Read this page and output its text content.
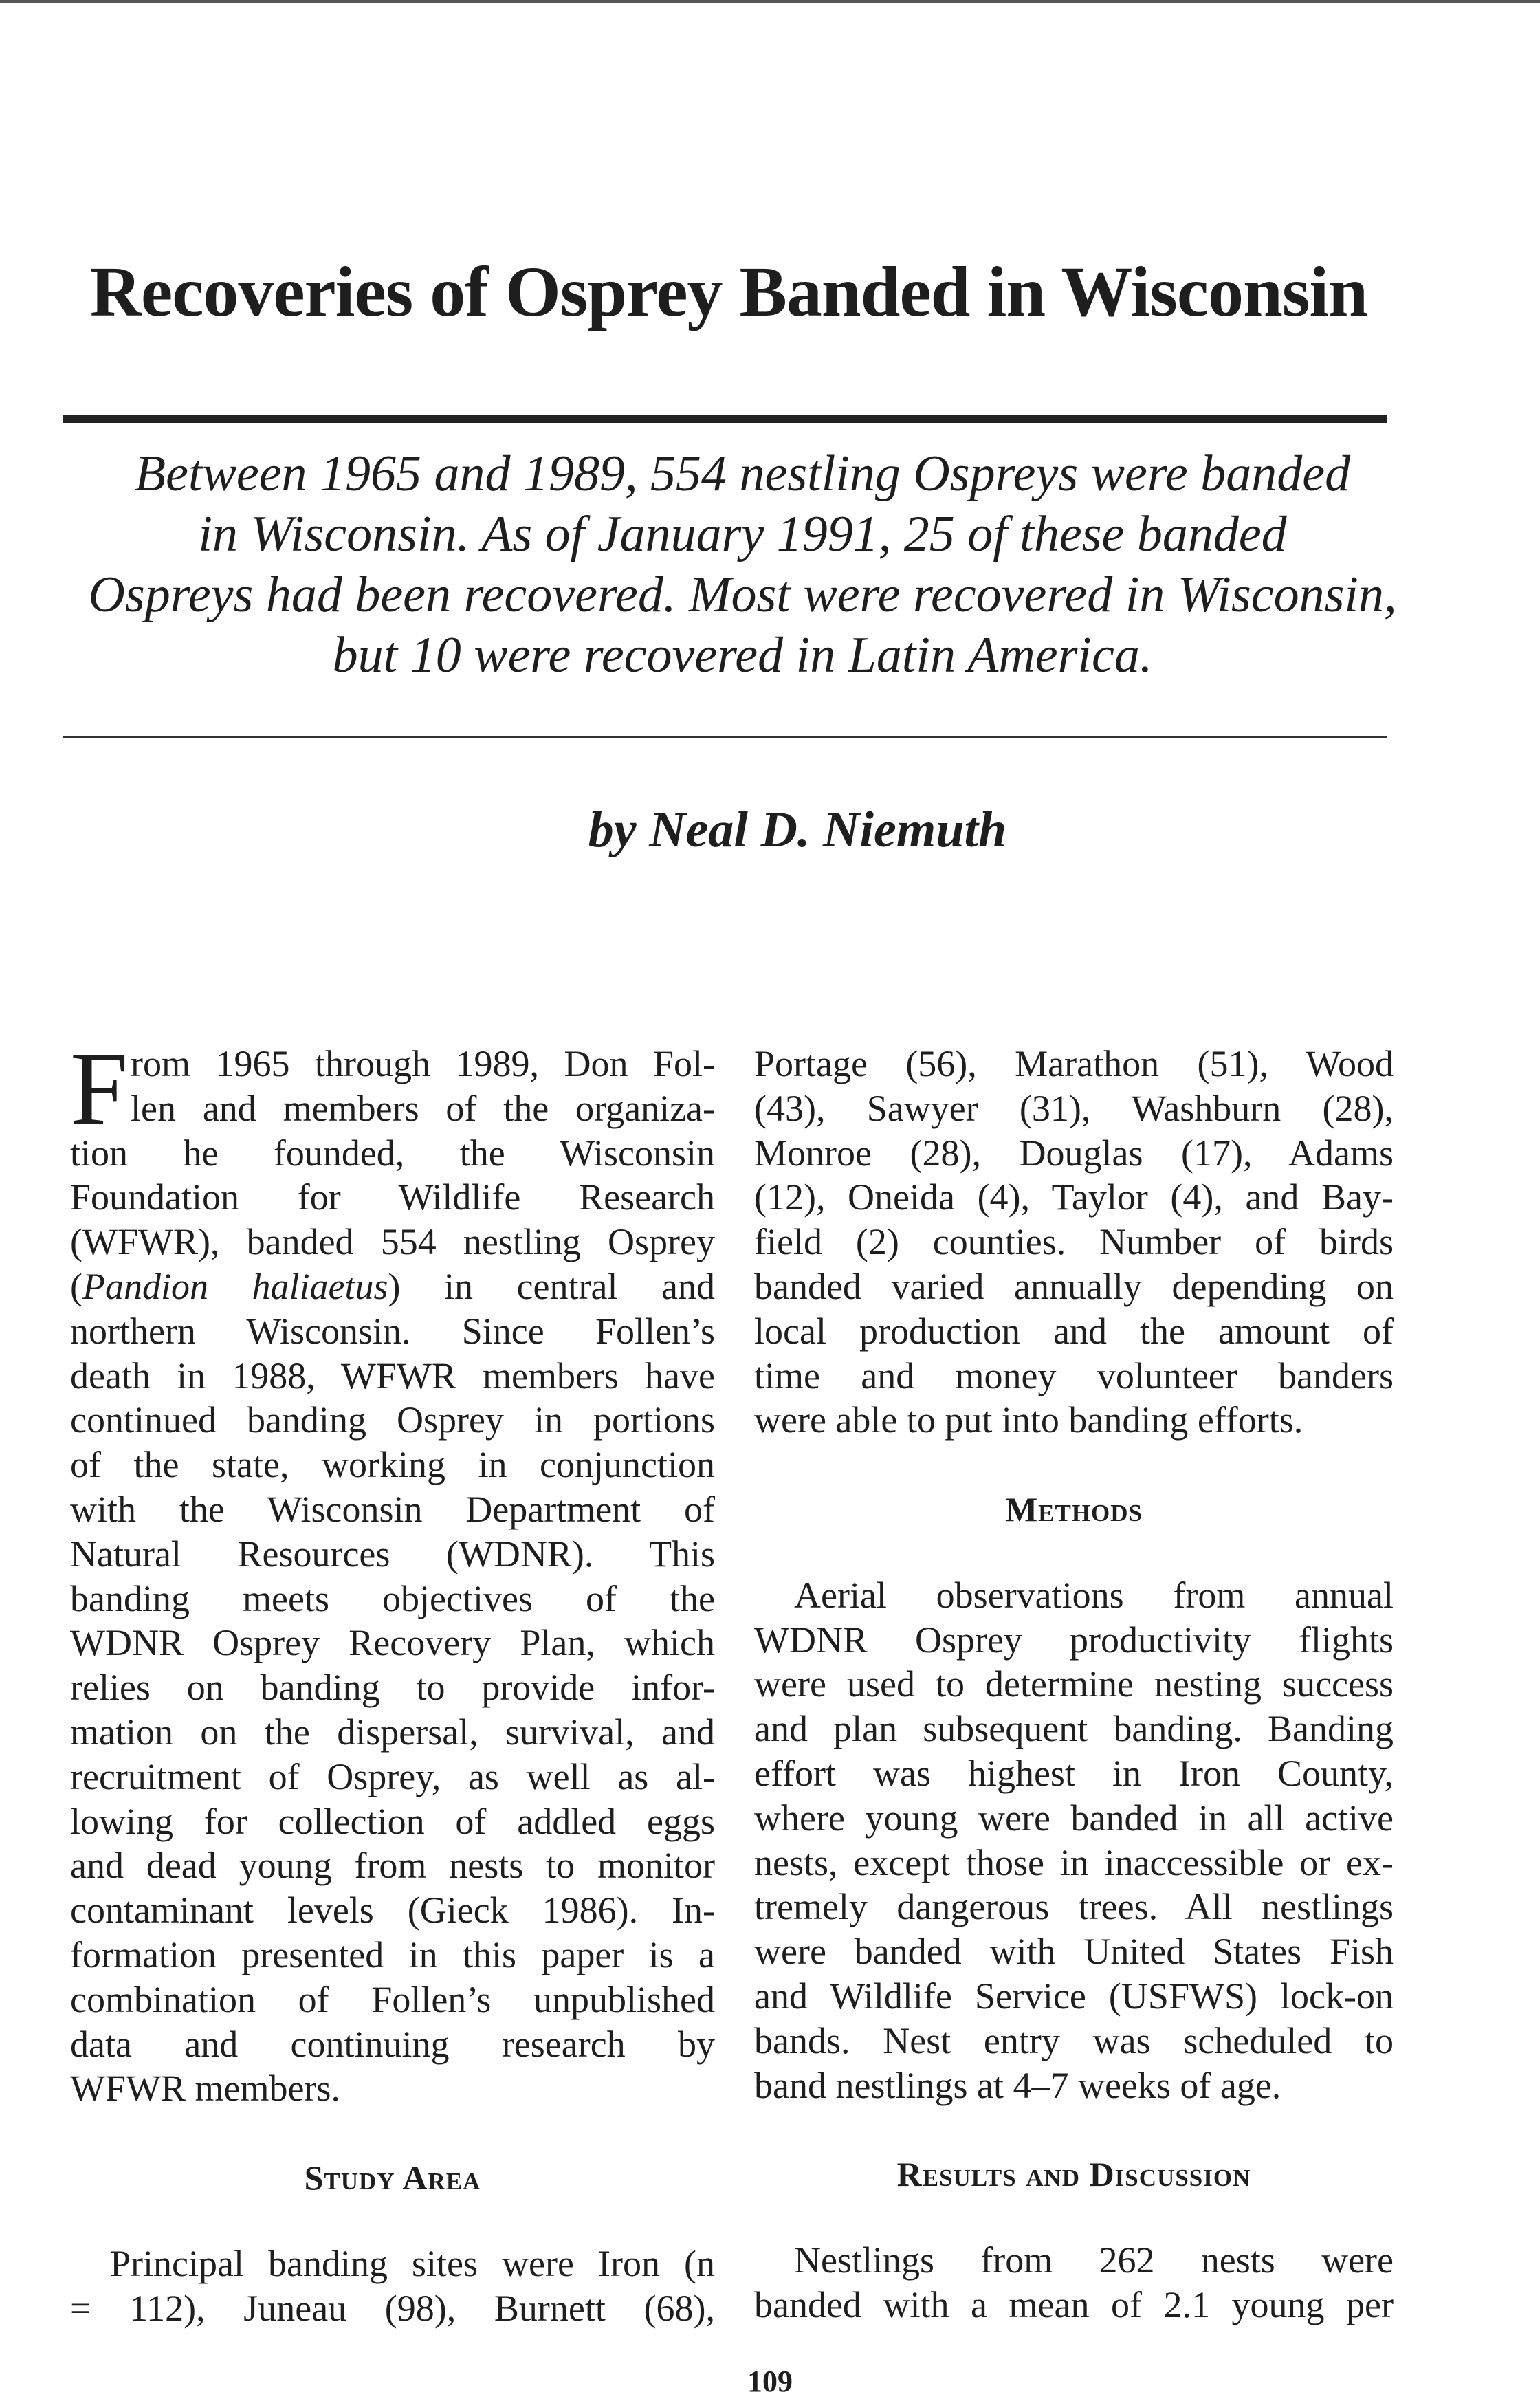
Recoveries of Osprey Banded in Wisconsin
Between 1965 and 1989, 554 nestling Ospreys were banded
in Wisconsin. As of January 1991, 25 of these banded
Ospreys had been recovered. Most were recovered in Wisconsin,
but 10 were recovered in Latin America.
by Neal D. Niemuth
F rom 1965 through 1989, Don Fol-
len and members of the organiza-
tion he founded, the Wisconsin
Foundation for Wildlife Research
(WFWR), banded 554 nestling Osprey
(Pandion haliaetus) in central and
northern Wisconsin. Since Follen’s
death in 1988, WFWR members have
continued banding Osprey in portions
of the state, working in conjunction
with the Wisconsin Department of
Natural Resources (WDNR). This
banding meets objectives of the
WDNR Osprey Recovery Plan, which
relies on banding to provide infor-
mation on the dispersal, survival, and
recruitment of Osprey, as well as al-
lowing for collection of addled eggs
and dead young from nests to monitor
contaminant levels (Gieck 1986). In-
formation presented in this paper is a
combination of Follen’s unpublished
data and continuing research by
WFWR members.
Study Area
Principal banding sites were Iron (n
= 112), Juneau (98), Burnett (68),
Portage (56), Marathon (51), Wood
(43), Sawyer (31), Washburn (28),
Monroe (28), Douglas (17), Adams
(12), Oneida (4), Taylor (4), and Bay-
field (2) counties. Number of birds
banded varied annually depending on
local production and the amount of
time and money volunteer banders
were able to put into banding efforts.
Methods
Aerial observations from annual
WDNR Osprey productivity flights
were used to determine nesting success
and plan subsequent banding. Banding
effort was highest in Iron County,
where young were banded in all active
nests, except those in inaccessible or ex-
tremely dangerous trees. All nestlings
were banded with United States Fish
and Wildlife Service (USFWS) lock-on
bands. Nest entry was scheduled to
band nestlings at 4–7 weeks of age.
Results and Discussion
Nestlings from 262 nests were
banded with a mean of 2.1 young per
109
